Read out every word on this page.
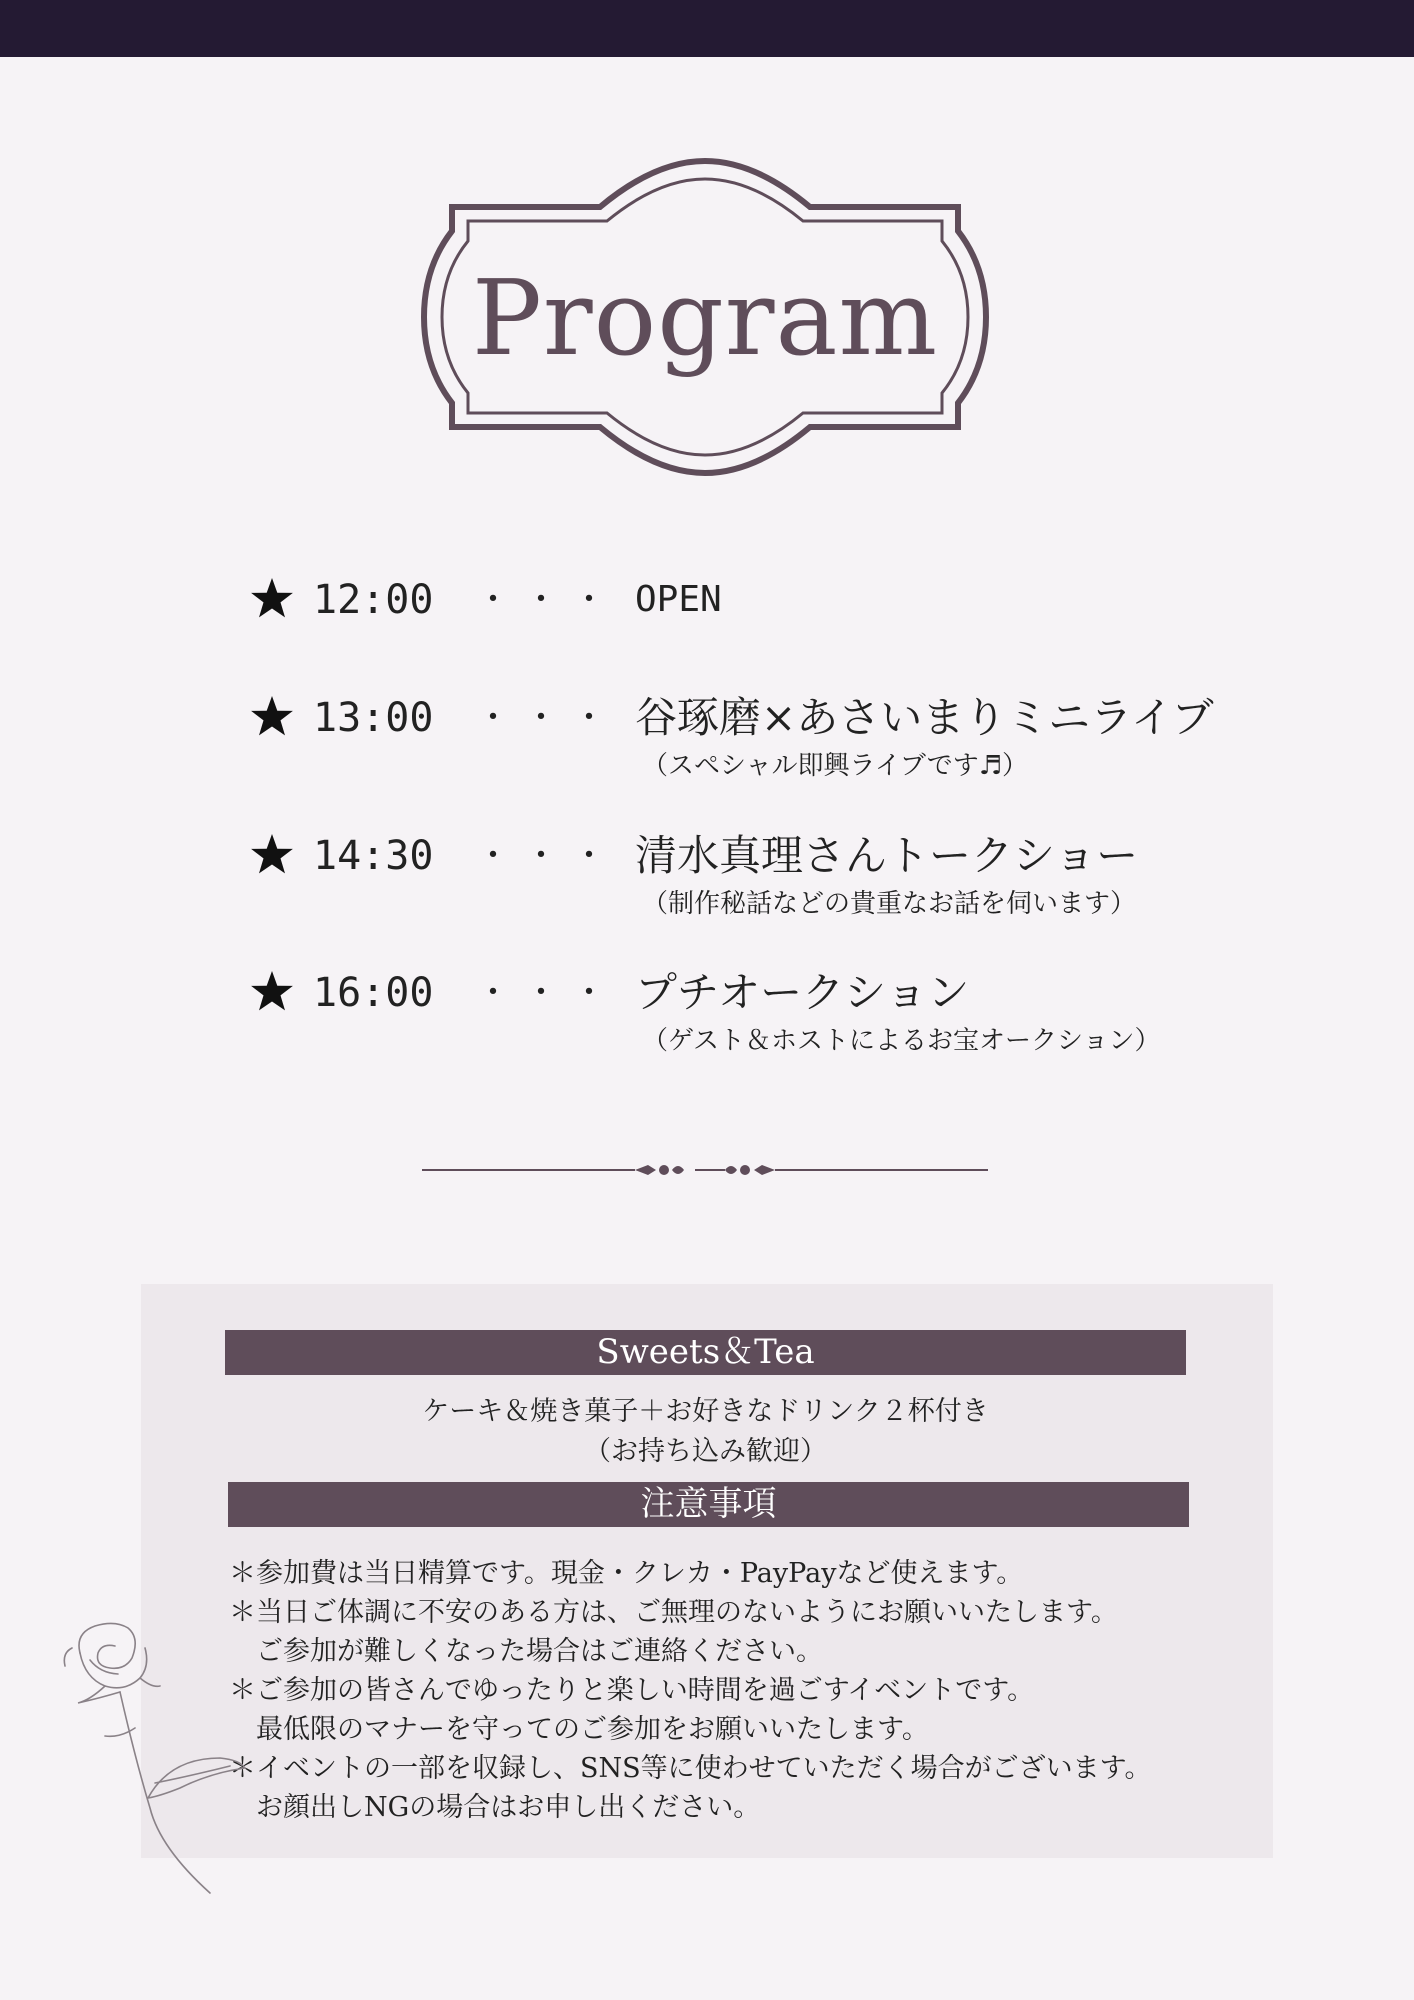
Program
12:00 ・・・ OPEN
13:00 ・・・ 谷琢磨×あさいまりミニライブ
（スペシャル即興ライブです♬）
14:30 ・・・ 清水真理さんトークショー
（制作秘話などの貴重なお話を伺います）
16:00 ・・・ プチオークション
（ゲスト＆ホストによるお宝オークション）
Sweets＆Tea
ケーキ＆焼き菓子＋お好きなドリンク２杯付き
（お持ち込み歓迎）
注意事項
＊参加費は当日精算です。現金・クレカ・PayPayなど使えます。
＊当日ご体調に不安のある方は、ご無理のないようにお願いいたします。
　ご参加が難しくなった場合はご連絡ください。
＊ご参加の皆さんでゆったりと楽しい時間を過ごすイベントです。
　最低限のマナーを守ってのご参加をお願いいたします。
＊イベントの一部を収録し、SNS等に使わせていただく場合がございます。
　お顔出しNGの場合はお申し出ください。
